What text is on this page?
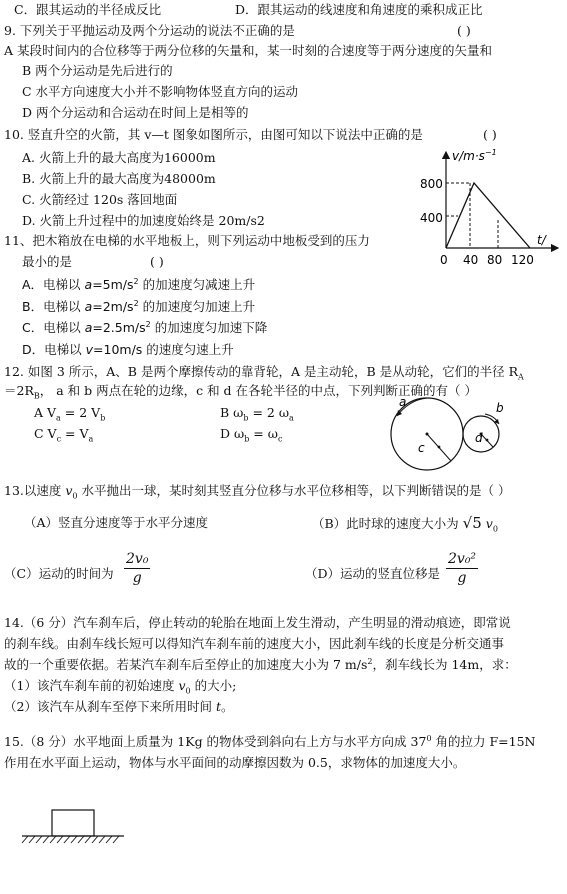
C．跟其运动的半径成反比	D．跟其运动的线速度和角速度的乘积成正比
9. 下列关于平抛运动及两个分运动的说法不正确的是	( )
A 某段时间内的合位移等于两分位移的矢量和，某一时刻的合速度等于两分速度的矢量和
B 两个分运动是先后进行的
C 水平方向速度大小并不影响物体竖直方向的运动
D 两个分运动和合运动在时间上是相等的
10. 竖直升空的火箭，其 v—t 图象如图所示，由图可知以下说法中正确的是	( )
A. 火箭上升的最大高度为16000m
B. 火箭上升的最大高度为48000m
C. 火箭经过 120s 落回地面
D. 火箭上升过程中的加速度始终是 20m/s2
$v/m\cdot s^{-1}$
t/
800
400
0 40 80 120
11、把木箱放在电梯的水平地板上，则下列运动中地板受到的压力
最小的是	( )
A．电梯以 $a=5m/s^2$ 的加速度匀减速上升
B．电梯以 $a=2m/s^2$ 的加速度匀加速上升
C．电梯以 $a=2.5m/s^2$ 的加速度匀加速下降
D．电梯以 v=10m/s 的速度匀速上升
12. 如图 3 所示，A、B 是两个摩擦传动的靠背轮，A 是主动轮，B 是从动轮，它们的半径 $R_A$
$=2R_B$， a 和 b 两点在轮的边缘，c 和 d 在各轮半径的中点，下列判断正确的有（ ）
A $V_a = 2$ $V_b$	B $\omega_b = 2$ $\omega_a$
C $V_c = V_a$	D $\omega_b = \omega_c$
a	b
c
d
13.以速度 $v_0$ 水平抛出一球，某时刻其竖直分位移与水平位移相等，以下判断错误的是（ ）
（A）竖直分速度等于水平分速度	（B）此时球的速度大小为 √5 $v_0$
（C）运动的时间为 $\frac{\text{2v₀}}{g}$	（D）运动的竖直位移是 $\frac{\text{2v₀²}}{g}$
14.（6 分）汽车刹车后，停止转动的轮胎在地面上发生滑动，产生明显的滑动痕迹，即常说
的刹车线。由刹车线长短可以得知汽车刹车前的速度大小，因此刹车线的长度是分析交通事
故的一个重要依据。若某汽车刹车后至停止的加速度大小为 7 $m/s^2$，刹车线长为 14m，求：
（1）该汽车刹车前的初始速度 $v_0$ 的大小;
（2）该汽车从刹车至停下来所用时间 t。
15.（8 分）水平地面上质量为 1Kg 的物体受到斜向右上方与水平方向成 $37^0$ 角的拉力 F=15N
作用在水平面上运动，物体与水平面间的动摩擦因数为 0.5，求物体的加速度大小。
